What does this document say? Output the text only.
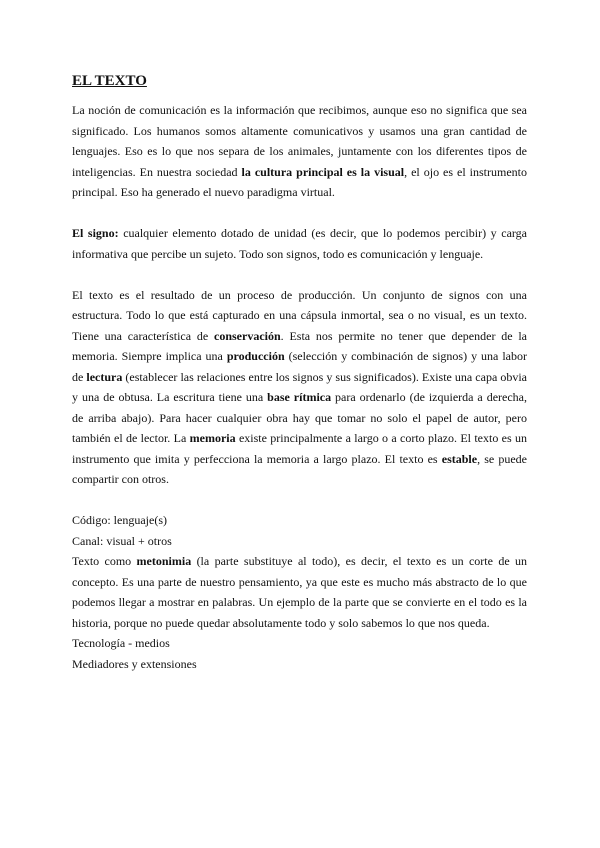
EL TEXTO

La noción de comunicación es la información que recibimos, aunque eso no significa que sea significado. Los humanos somos altamente comunicativos y usamos una gran cantidad de lenguajes. Eso es lo que nos separa de los animales, juntamente con los diferentes tipos de inteligencias. En nuestra sociedad la cultura principal es la visual, el ojo es el instrumento principal. Eso ha generado el nuevo paradigma virtual.

El signo: cualquier elemento dotado de unidad (es decir, que lo podemos percibir) y carga informativa que percibe un sujeto. Todo son signos, todo es comunicación y lenguaje.

El texto es el resultado de un proceso de producción. Un conjunto de signos con una estructura. Todo lo que está capturado en una cápsula inmortal, sea o no visual, es un texto. Tiene una característica de conservación. Esta nos permite no tener que depender de la memoria. Siempre implica una producción (selección y combinación de signos) y una labor de lectura (establecer las relaciones entre los signos y sus significados). Existe una capa obvia y una de obtusa. La escritura tiene una base rítmica para ordenarlo (de izquierda a derecha, de arriba abajo). Para hacer cualquier obra hay que tomar no solo el papel de autor, pero también el de lector. La memoria existe principalmente a largo o a corto plazo. El texto es un instrumento que imita y perfecciona la memoria a largo plazo. El texto es estable, se puede compartir con otros.

Código: lenguaje(s)

Canal: visual + otros

Texto como metonimia (la parte substituye al todo), es decir, el texto es un corte de un concepto. Es una parte de nuestro pensamiento, ya que este es mucho más abstracto de lo que podemos llegar a mostrar en palabras. Un ejemplo de la parte que se convierte en el todo es la historia, porque no puede quedar absolutamente todo y solo sabemos lo que nos queda.

Tecnología - medios

Mediadores y extensiones
